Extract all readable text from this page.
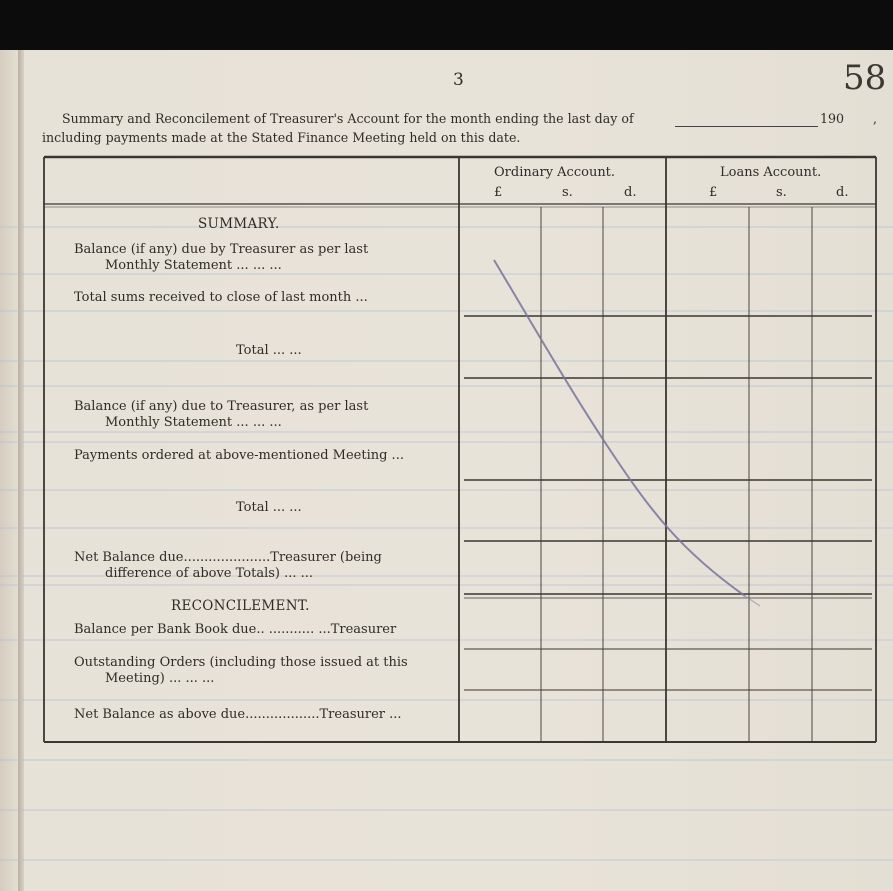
3	58
Summary and Reconcilement of Treasurer's Account for the month ending the last day of	190 ,
including payments made at the Stated Finance Meeting held on this date.
Ordinary Account.	Loans Account.
£	s.	d.	£	s.	d.
SUMMARY.
Balance (if any) due by Treasurer as per last
Monthly Statement ... ... ...
Total sums received to close of last month ...
Total ... ...
Balance (if any) due to Treasurer, as per last
Monthly Statement ... ... ...
Payments ordered at above-mentioned Meeting ...
Total ... ...
Net Balance due.....................Treasurer (being
difference of above Totals) ... ...
RECONCILEMENT.
Balance per Bank Book due.. ........... ...Treasurer
Outstanding Orders (including those issued at this
Meeting) ... ... ...
Net Balance as above due..................Treasurer ...
